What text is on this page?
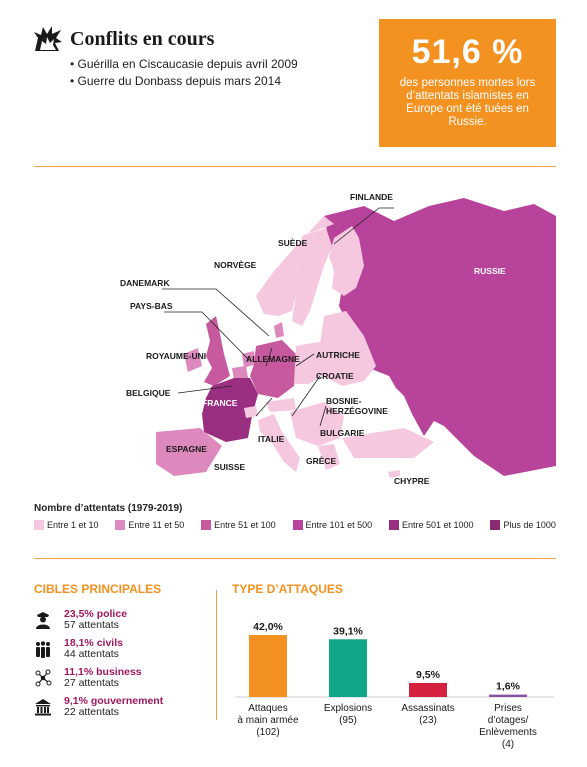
Conflits en cours
• Guérilla en Ciscaucasie depuis avril 2009
• Guerre du Donbass depuis mars 2014
51,6 %
des personnes mortes lors d’attentats islamistes en Europe ont été tuées en Russie.
FINLANDE
SUÈDE
NORVÈGE
RUSSIE
DANEMARK
PAYS-BAS
ROYAUME-UNI	ALLEMAGNE AUTRICHE
CROATIE
BELGIQUE
FRANCE	BOSNIE-
HERZÉGOVINE
ITALIE
BULGARIE
ESPAGNE
GRÈCE
SUISSE
CHYPRE
Nombre d’attentats (1979-2019)
Entre 1 et 10	Entre 11 et 50	Entre 51 et 100	Entre 101 et 500	Entre 501 et 1000	Plus de 1000
CIBLES PRINCIPALES
23,5% police
57 attentats
18,1% civils
44 attentats
11,1% business
27 attentats
9,1% gouvernement
22 attentats
TYPE D’ATTAQUES
42,0%
Attaques
à main armée
(102)
39,1%
Explosions
(95)
9,5%
Assassinats
(23)
1,6%
Prises
d’otages/
Enlèvements
(4)
